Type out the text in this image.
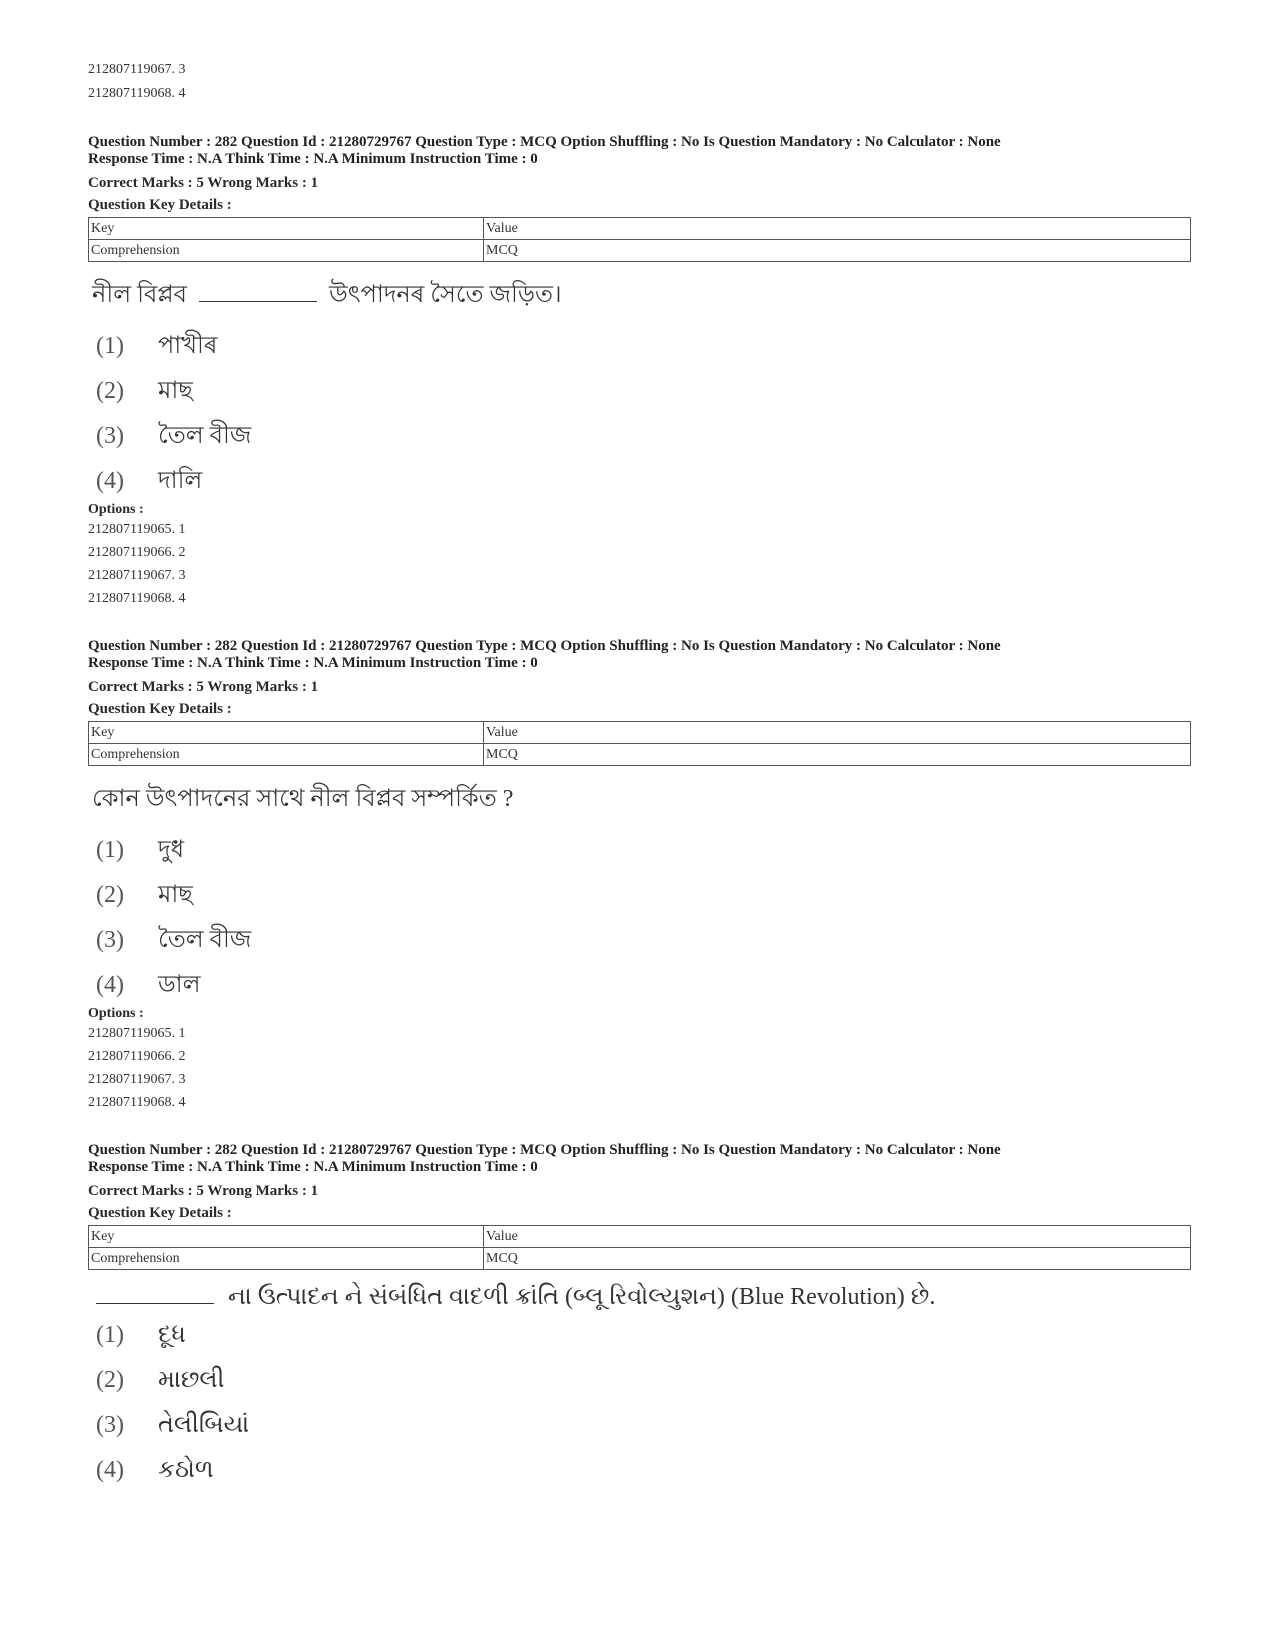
212807119067. 3
212807119068. 4
Question Number : 282 Question Id : 21280729767 Question Type : MCQ Option Shuffling : No Is Question Mandatory : No Calculator : None
Response Time : N.A Think Time : N.A Minimum Instruction Time : 0
Correct Marks : 5 Wrong Marks : 1
Question Key Details :
Key	Value
Comprehension	MCQ
নীল বিপ্লব	উৎপাদনৰ সৈতে জড়িত।
(1)	পাখীৰ
(2)	মাছ
(3)	তৈল বীজ
(4)	দালি
Options :
212807119065. 1
212807119066. 2
212807119067. 3
212807119068. 4
Question Number : 282 Question Id : 21280729767 Question Type : MCQ Option Shuffling : No Is Question Mandatory : No Calculator : None
Response Time : N.A Think Time : N.A Minimum Instruction Time : 0
Correct Marks : 5 Wrong Marks : 1
Question Key Details :
Key	Value
Comprehension	MCQ
কোন উৎপাদনের সাথে নীল বিপ্লব সম্পর্কিত ?
(1)	দুধ
(2)	মাছ
(3)	তৈল বীজ
(4)	ডাল
Options :
212807119065. 1
212807119066. 2
212807119067. 3
212807119068. 4
Question Number : 282 Question Id : 21280729767 Question Type : MCQ Option Shuffling : No Is Question Mandatory : No Calculator : None
Response Time : N.A Think Time : N.A Minimum Instruction Time : 0
Correct Marks : 5 Wrong Marks : 1
Question Key Details :
Key	Value
Comprehension	MCQ
ના ઉત્પાદન ને સંબંધિત વાદળી ક્રાંતિ (બ્લૂ રિવોલ્યુશન) (Blue Revolution) છે.
(1)	દૂધ
(2)	માછલી
(3)	તેલીબિયાં
(4)	કઠોળ
